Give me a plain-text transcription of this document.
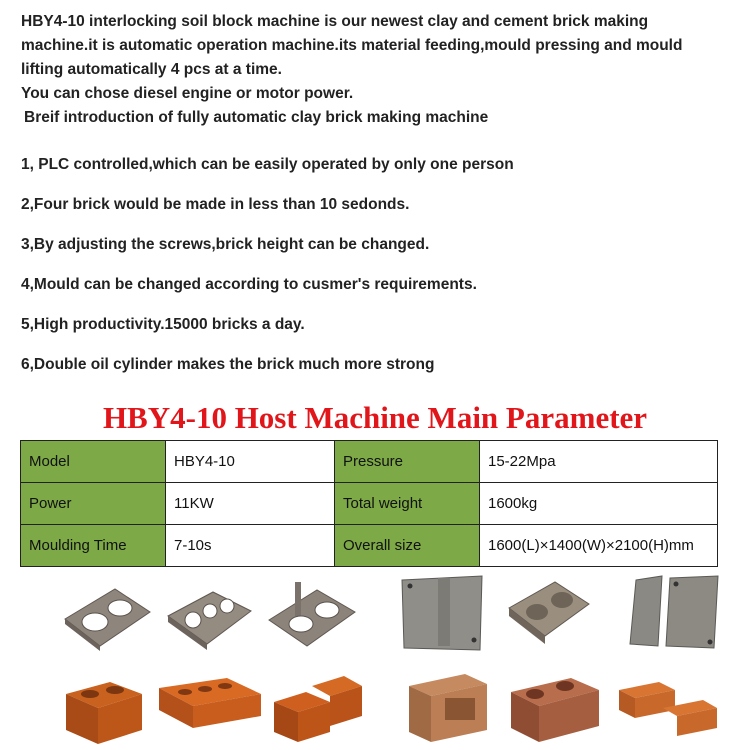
HBY4-10 interlocking soil block machine is our newest clay and cement brick making

machine.it is automatic operation machine.its material feeding,mould pressing and mould

lifting automatically 4 pcs at a time.

You can chose diesel engine or motor power.

Breif introduction of fully automatic clay brick making machine

1, PLC controlled,which can be easily operated by only one person
2,Four brick would be made in less than 10 sedonds.
3,By adjusting the screws,brick height can be changed.
4,Mould can be changed according to cusmer's requirements.
5,High productivity.15000 bricks a day.
6,Double oil cylinder makes the brick much more strong
HBY4-10 Host Machine Main Parameter
Model	HBY4-10	Pressure	15-22Mpa
Power	11KW	Total weight	1600kg
Moulding Time	7-10s	Overall size	1600(L)×1400(W)×2100(H)mm
